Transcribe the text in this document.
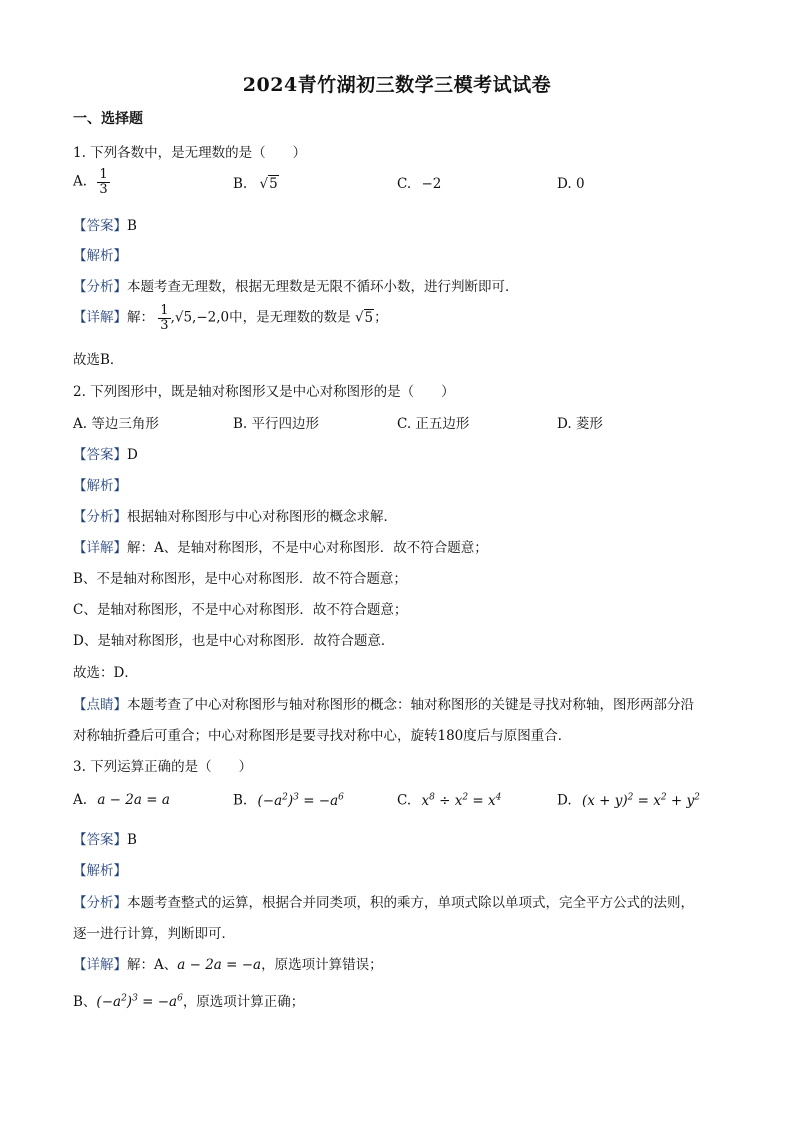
2024青竹湖初三数学三模考试试卷
一、选择题
1. 下列各数中，是无理数的是（　　）
A. $\frac{1}{3}$	B. √5	C. −2	D. 0
【答案】B
【解析】
【分析】本题考查无理数，根据无理数是无限不循环小数，进行判断即可．
【详解】解： $\frac{1}{3} ,√5,-2,0$中，是无理数的数是 √5；
故选B．
2. 下列图形中，既是轴对称图形又是中心对称图形的是（　　）
A. 等边三角形	B. 平行四边形	C. 正五边形	D. 菱形
【答案】D
【解析】
【分析】根据轴对称图形与中心对称图形的概念求解．
【详解】解：A、是轴对称图形，不是中心对称图形．故不符合题意；
B、不是轴对称图形，是中心对称图形．故不符合题意；
C、是轴对称图形，不是中心对称图形．故不符合题意；
D、是轴对称图形，也是中心对称图形．故符合题意．
故选：D．
【点睛】本题考查了中心对称图形与轴对称图形的概念：轴对称图形的关键是寻找对称轴，图形两部分沿
对称轴折叠后可重合；中心对称图形是要寻找对称中心，旋转180度后与原图重合．
3. 下列运算正确的是（　　）
A. a − 2a = a	B. $(-a^2)^3 = -a^6$	C. $x^8 \div x^2 = x^4$	D. $(x + y)^2 = x^2 + y^2$
【答案】B
【解析】
【分析】本题考查整式的运算，根据合并同类项，积的乘方，单项式除以单项式，完全平方公式的法则，
逐一进行计算，判断即可．
【详解】解：A、a − 2a = −a，原选项计算错误；
B、$(-a^2)^3 = -a^6$，原选项计算正确；
